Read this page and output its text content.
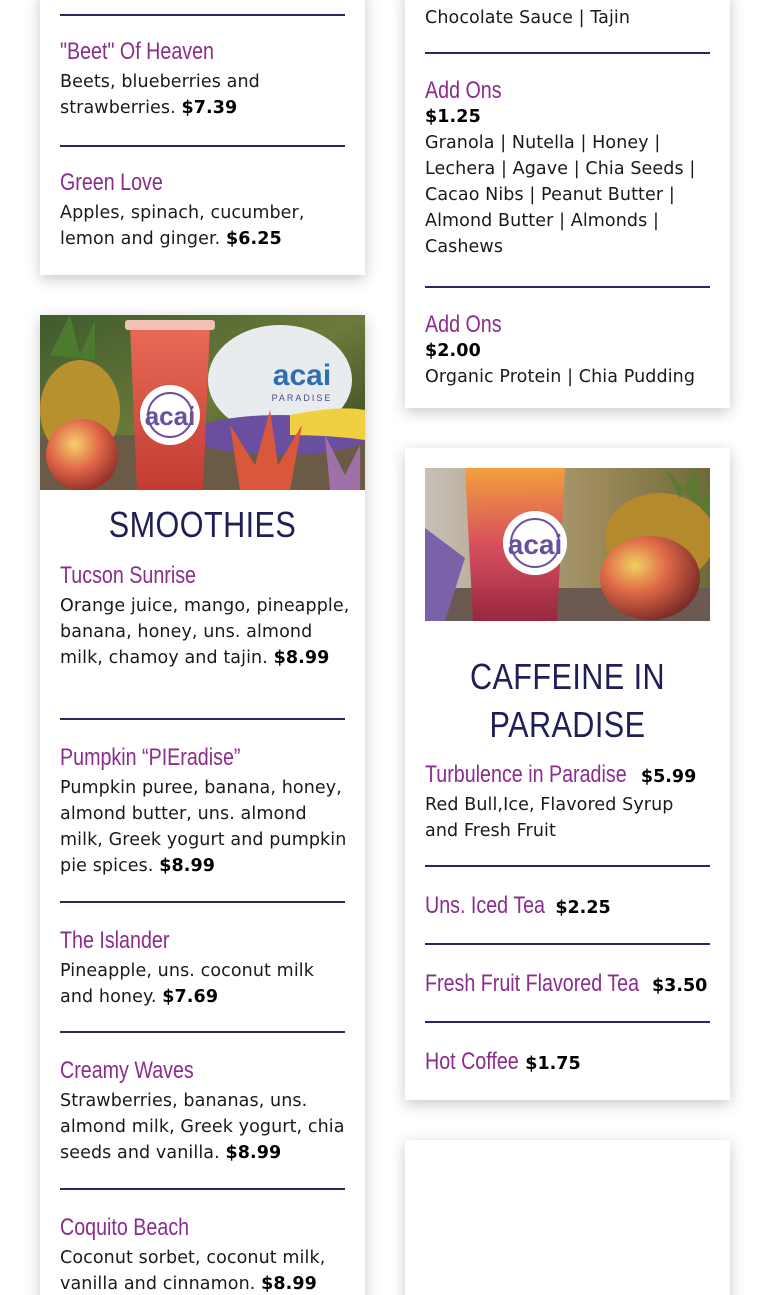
"Beet" Of Heaven
Beets, blueberries and strawberries. $7.39
Green Love
Apples, spinach, cucumber, lemon and ginger. $6.25
Chocolate Sauce | Tajin
Add Ons
$1.25
Granola | Nutella | Honey | Lechera | Agave | Chia Seeds | Cacao Nibs | Peanut Butter | Almond Butter | Almonds | Cashews
Add Ons
$2.00
Organic Protein | Chia Pudding
acai
PARADISE
acai
SMOOTHIES
Tucson Sunrise
Orange juice, mango, pineapple, banana, honey, uns. almond milk, chamoy and tajin. $8.99
Pumpkin “PIEradise”
Pumpkin puree, banana, honey, almond butter, uns. almond milk, Greek yogurt and pumpkin pie spices. $8.99
The Islander
Pineapple, uns. coconut milk and honey. $7.69
Creamy Waves
Strawberries, bananas, uns. almond milk, Greek yogurt, chia seeds and vanilla. $8.99
Coquito Beach
Coconut sorbet, coconut milk, vanilla and cinnamon. $8.99
acai
CAFFEINE IN
PARADISE
Turbulence in Paradise $5.99
Red Bull,Ice, Flavored Syrup and Fresh Fruit
Uns. Iced Tea $2.25
Fresh Fruit Flavored Tea $3.50
Hot Coffee $1.75
